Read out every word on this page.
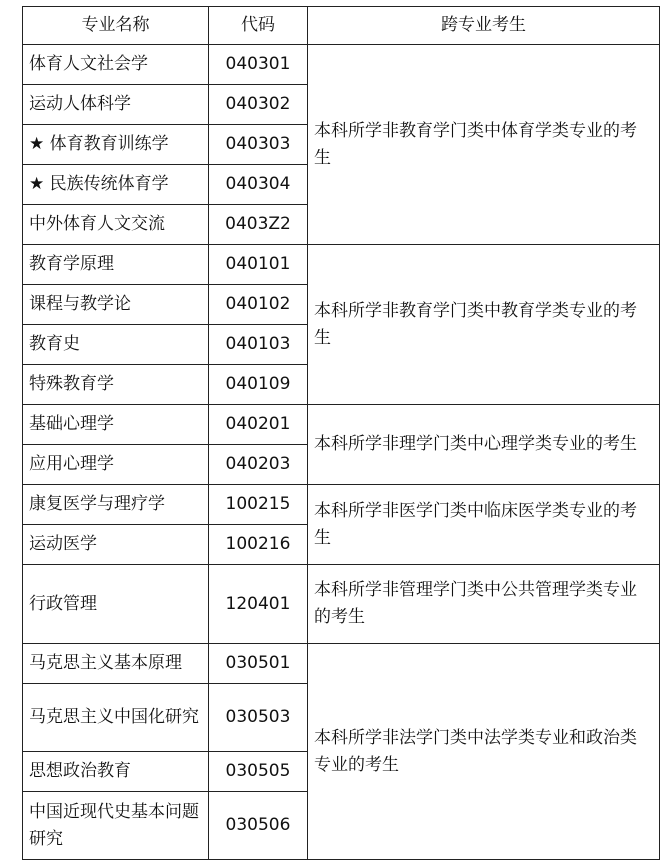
专业名称	代码	跨专业考生
体育人文社会学	040301	本科所学非教育学门类中体育学类专业的考生
运动人体科学	040302	
★ 体育教育训练学	040303	
★ 民族传统体育学	040304	
中外体育人文交流	0403Z2	
教育学原理	040101	本科所学非教育学门类中教育学类专业的考生
课程与教学论	040102	
教育史	040103	
特殊教育学	040109	
基础心理学	040201	本科所学非理学门类中心理学类专业的考生
应用心理学	040203	
康复医学与理疗学	100215	本科所学非医学门类中临床医学类专业的考生
运动医学	100216	
行政管理	120401	本科所学非管理学门类中公共管理学类专业的考生
马克思主义基本原理	030501	本科所学非法学门类中法学类专业和政治类专业的考生
马克思主义中国化研究	030503	
思想政治教育	030505	
中国近现代史基本问题研究	030506	
